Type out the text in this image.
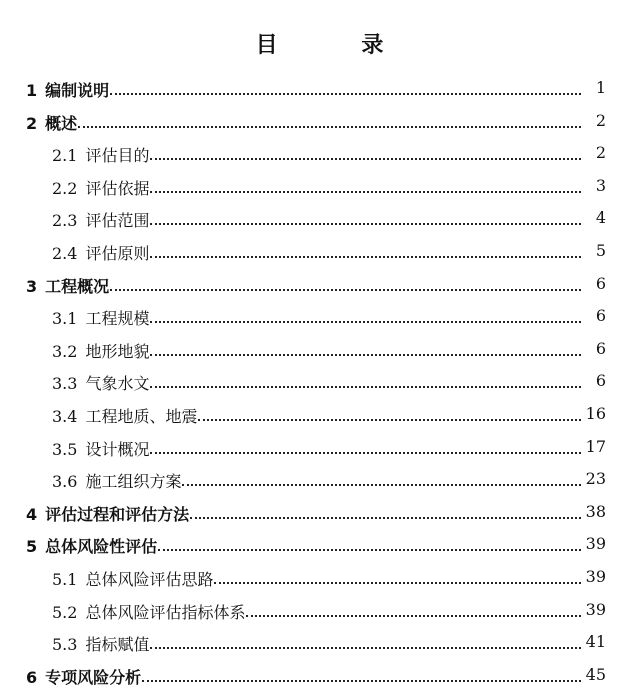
目 录
1 编制说明	1
2 概述	2
2.1 评估目的	2
2.2 评估依据	3
2.3 评估范围	4
2.4 评估原则	5
3 工程概况	6
3.1 工程规模	6
3.2 地形地貌	6
3.3 气象水文	6
3.4 工程地质、地震	16
3.5 设计概况	17
3.6 施工组织方案	23
4 评估过程和评估方法	38
5 总体风险性评估	39
5.1 总体风险评估思路	39
5.2 总体风险评估指标体系	39
5.3 指标赋值	41
6 专项风险分析	45
